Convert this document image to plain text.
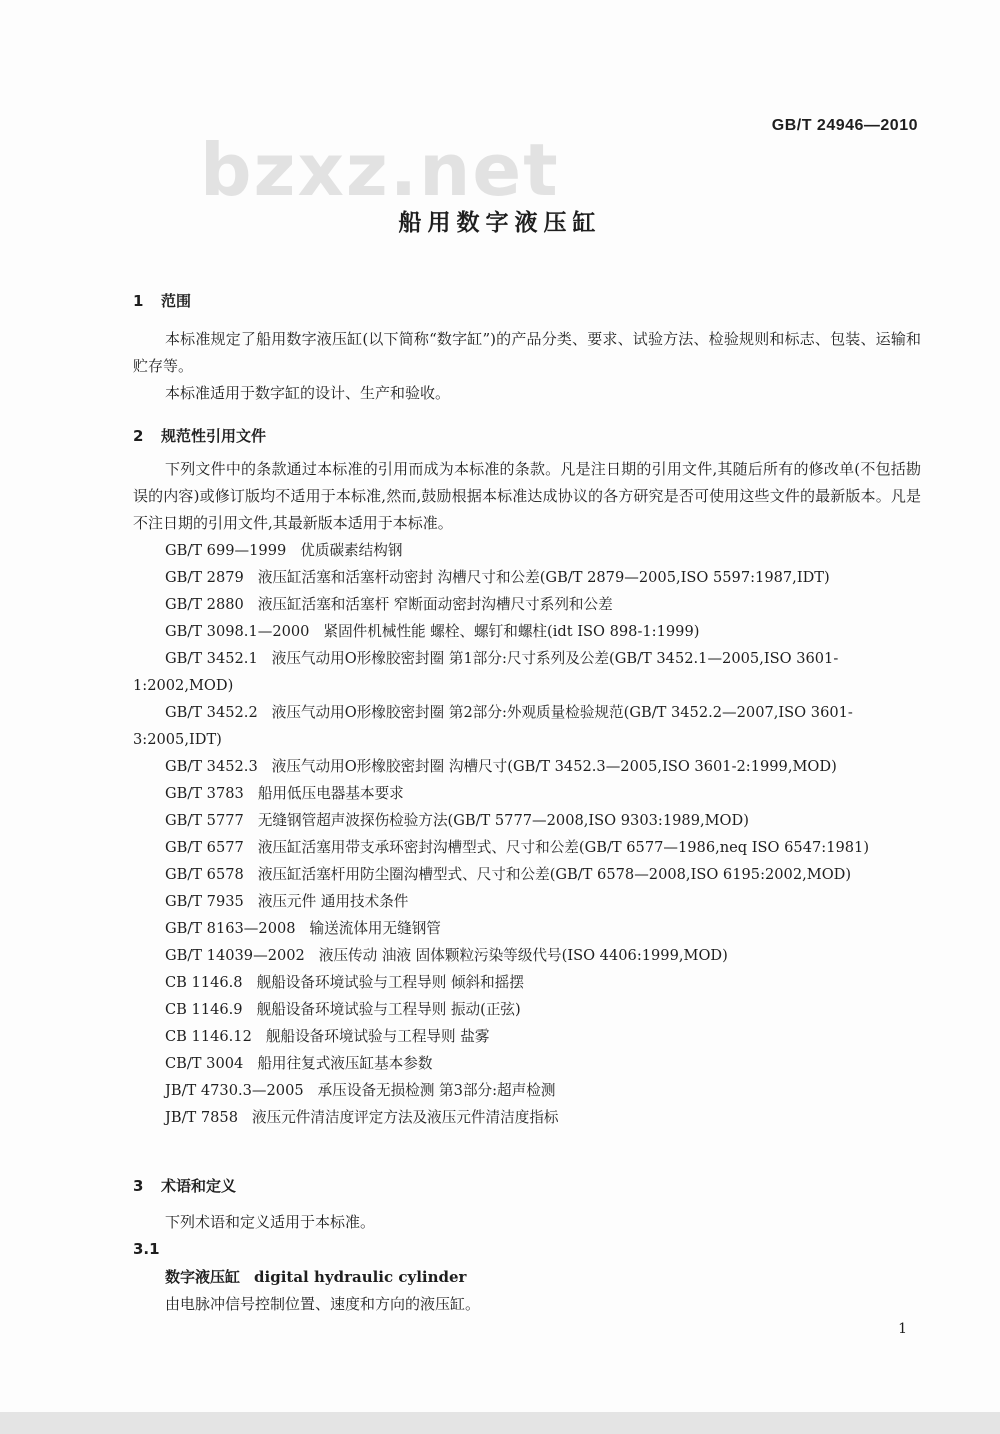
bzxz.net
GB/T 24946—2010
船用数字液压缸
1 范围
本标准规定了船用数字液压缸(以下简称“数字缸”)的产品分类、要求、试验方法、检验规则和标志、包装、运输和贮存等。
本标准适用于数字缸的设计、生产和验收。
2 规范性引用文件
下列文件中的条款通过本标准的引用而成为本标准的条款。凡是注日期的引用文件,其随后所有的修改单(不包括勘误的内容)或修订版均不适用于本标准,然而,鼓励根据本标准达成协议的各方研究是否可使用这些文件的最新版本。凡是不注日期的引用文件,其最新版本适用于本标准。
GB/T 699—1999 优质碳素结构钢
GB/T 2879 液压缸活塞和活塞杆动密封 沟槽尺寸和公差(GB/T 2879—2005,ISO 5597:1987,IDT)
GB/T 2880 液压缸活塞和活塞杆 窄断面动密封沟槽尺寸系列和公差
GB/T 3098.1—2000 紧固件机械性能 螺栓、螺钉和螺柱(idt ISO 898-1:1999)
GB/T 3452.1 液压气动用O形橡胶密封圈 第1部分:尺寸系列及公差(GB/T 3452.1—2005,ISO 3601-1:2002,MOD)
GB/T 3452.2 液压气动用O形橡胶密封圈 第2部分:外观质量检验规范(GB/T 3452.2—2007,ISO 3601-3:2005,IDT)
GB/T 3452.3 液压气动用O形橡胶密封圈 沟槽尺寸(GB/T 3452.3—2005,ISO 3601-2:1999,MOD)
GB/T 3783 船用低压电器基本要求
GB/T 5777 无缝钢管超声波探伤检验方法(GB/T 5777—2008,ISO 9303:1989,MOD)
GB/T 6577 液压缸活塞用带支承环密封沟槽型式、尺寸和公差(GB/T 6577—1986,neq ISO 6547:1981)
GB/T 6578 液压缸活塞杆用防尘圈沟槽型式、尺寸和公差(GB/T 6578—2008,ISO 6195:2002,MOD)
GB/T 7935 液压元件 通用技术条件
GB/T 8163—2008 输送流体用无缝钢管
GB/T 14039—2002 液压传动 油液 固体颗粒污染等级代号(ISO 4406:1999,MOD)
CB 1146.8 舰船设备环境试验与工程导则 倾斜和摇摆
CB 1146.9 舰船设备环境试验与工程导则 振动(正弦)
CB 1146.12 舰船设备环境试验与工程导则 盐雾
CB/T 3004 船用往复式液压缸基本参数
JB/T 4730.3—2005 承压设备无损检测 第3部分:超声检测
JB/T 7858 液压元件清洁度评定方法及液压元件清洁度指标
3 术语和定义
下列术语和定义适用于本标准。
3.1
数字液压缸 digital hydraulic cylinder
由电脉冲信号控制位置、速度和方向的液压缸。
1
